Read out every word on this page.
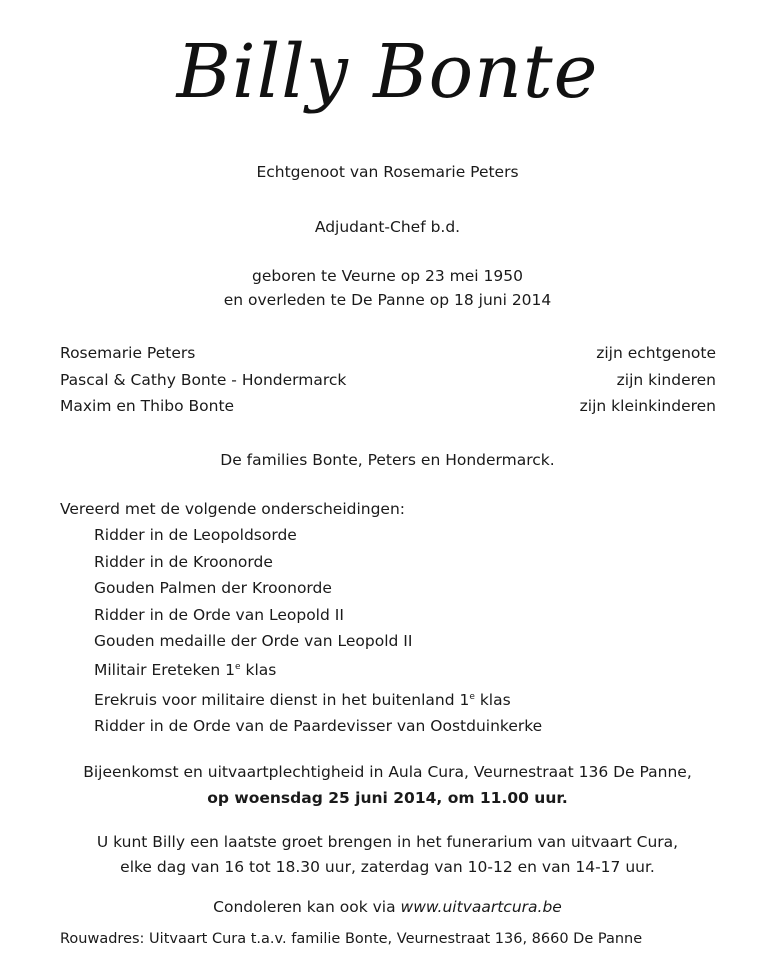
Billy Bonte
Echtgenoot van Rosemarie Peters
Adjudant-Chef b.d.
geboren te Veurne op 23 mei 1950
en overleden te De Panne op 18 juni 2014
Rosemarie Peters	zijn echtgenote
Pascal & Cathy Bonte - Hondermarck	zijn kinderen
Maxim en Thibo Bonte	zijn kleinkinderen
De families Bonte, Peters en Hondermarck.
Vereerd met de volgende onderscheidingen:
Ridder in de Leopoldsorde
Ridder in de Kroonorde
Gouden Palmen der Kroonorde
Ridder in de Orde van Leopold II
Gouden medaille der Orde van Leopold II
Militair Ereteken 1e klas
Erekruis voor militaire dienst in het buitenland 1e klas
Ridder in de Orde van de Paardevisser van Oostduinkerke
Bijeenkomst en uitvaartplechtigheid in Aula Cura, Veurnestraat 136 De Panne,
op woensdag 25 juni 2014, om 11.00 uur.
U kunt Billy een laatste groet brengen in het funerarium van uitvaart Cura,
elke dag van 16 tot 18.30 uur, zaterdag van 10-12 en van 14-17 uur.
Condoleren kan ook via www.uitvaartcura.be
Rouwadres: Uitvaart Cura t.a.v. familie Bonte, Veurnestraat 136, 8660 De Panne
